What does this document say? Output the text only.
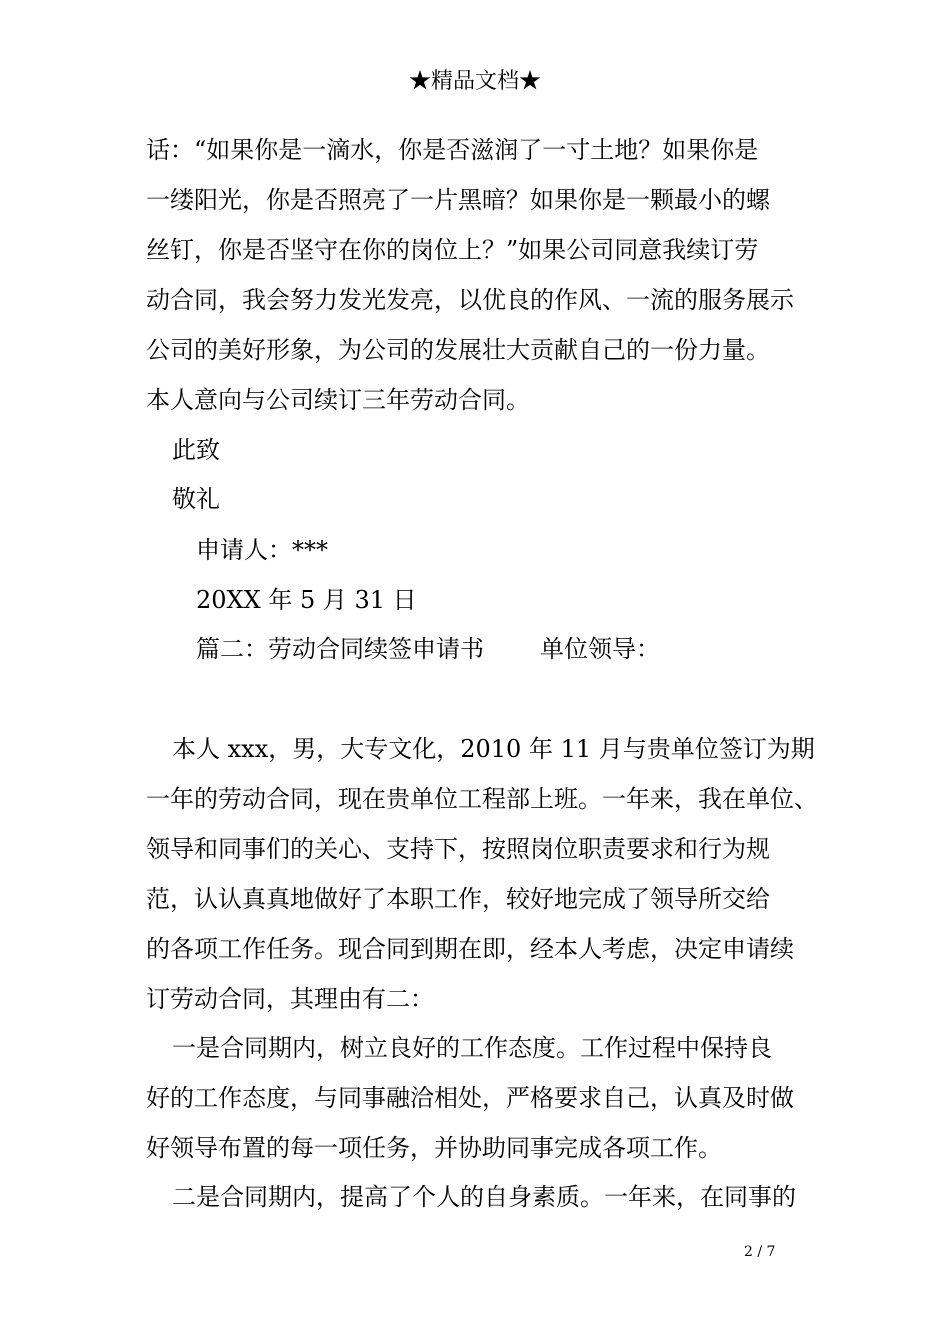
★精品文档★
话：“如果你是一滴水，你是否滋润了一寸土地？如果你是
一缕阳光，你是否照亮了一片黑暗？如果你是一颗最小的螺
丝钉，你是否坚守在你的岗位上？”如果公司同意我续订劳
动合同，我会努力发光发亮，以优良的作风、一流的服务展示
公司的美好形象，为公司的发展壮大贡献自己的一份力量。
本人意向与公司续订三年劳动合同。
此致
敬礼
申请人：***
20XX 年 5 月 31 日
篇二：劳动合同续签申请书 单位领导：
本人 xxx，男，大专文化，2010 年 11 月与贵单位签订为期
一年的劳动合同，现在贵单位工程部上班。一年来，我在单位、
领导和同事们的关心、支持下，按照岗位职责要求和行为规
范，认认真真地做好了本职工作，较好地完成了领导所交给
的各项工作任务。现合同到期在即，经本人考虑，决定申请续
订劳动合同，其理由有二：
一是合同期内，树立良好的工作态度。工作过程中保持良
好的工作态度，与同事融洽相处，严格要求自己，认真及时做
好领导布置的每一项任务，并协助同事完成各项工作。
二是合同期内，提高了个人的自身素质。一年来，在同事的
2 / 7
